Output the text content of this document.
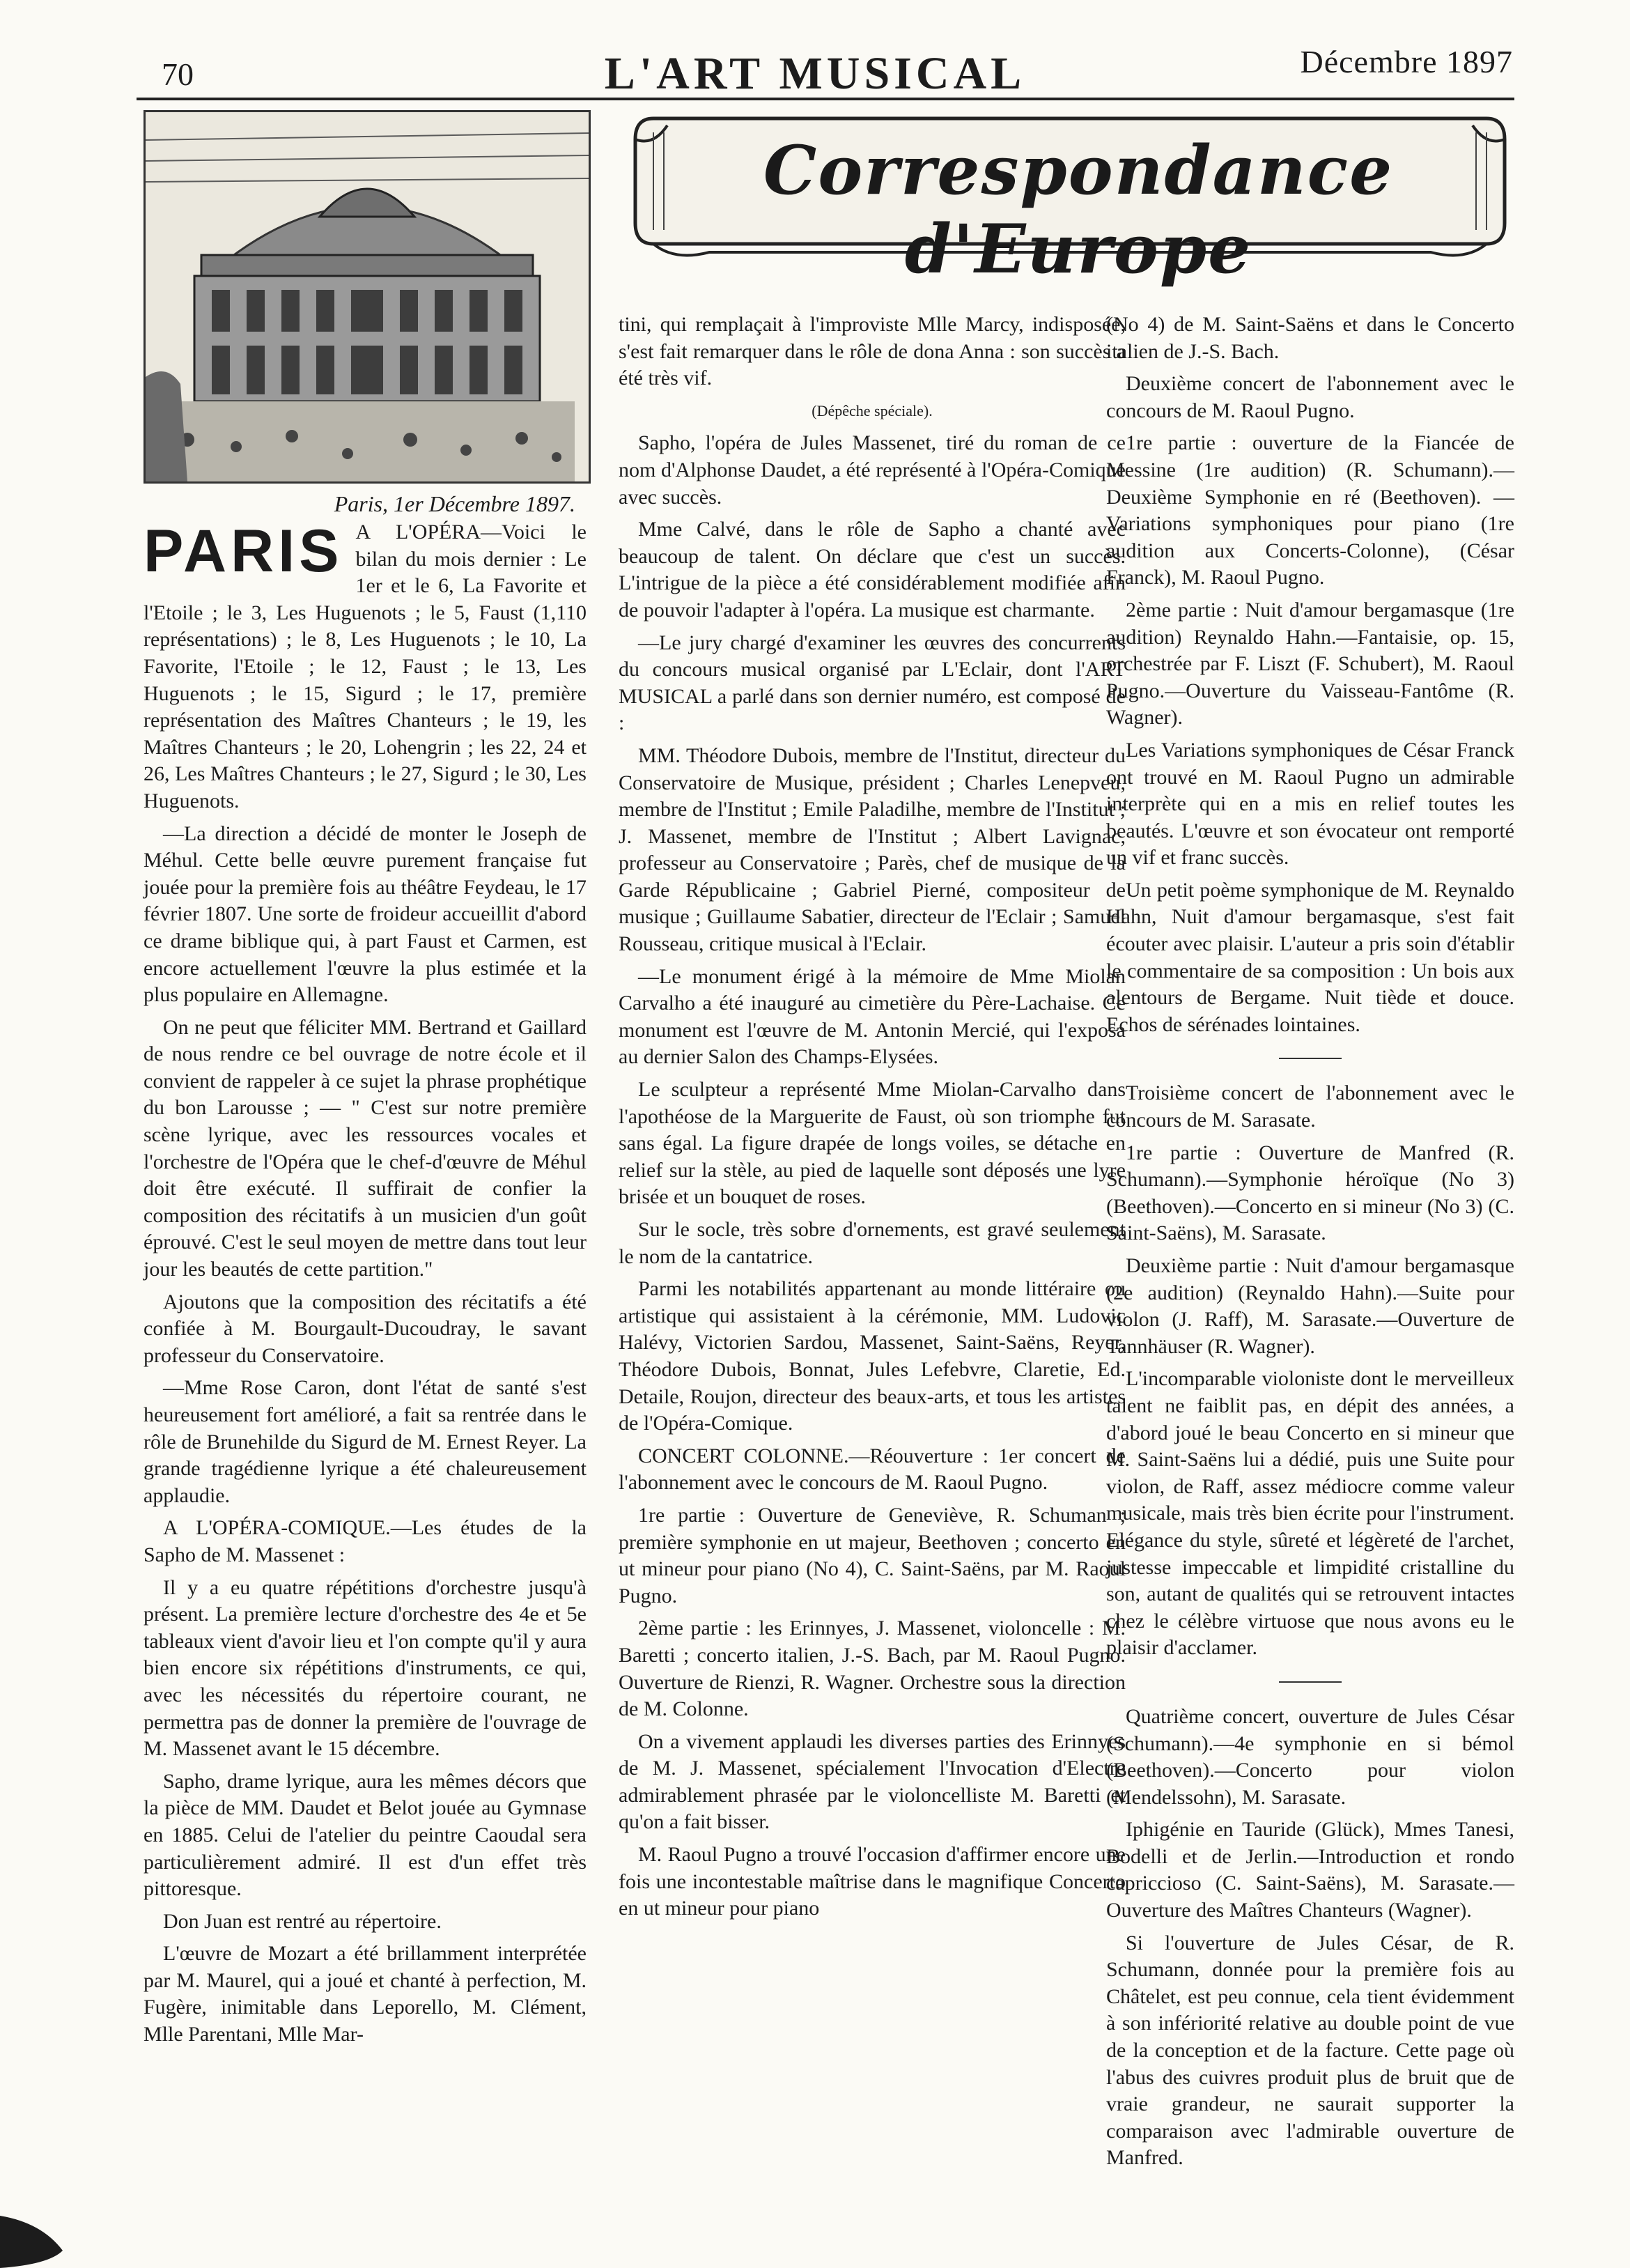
70	L'ART MUSICAL	Décembre 1897
Paris, 1er Décembre 1897.
Correspondance d'Europe
PARIS A L'OPÉRA—Voici le bilan du mois dernier : Le 1er et le 6, La Favorite et l'Etoile ; le 3, Les Huguenots ; le 5, Faust (1,110 représentations) ; le 8, Les Huguenots ; le 10, La Favorite, l'Etoile ; le 12, Faust ; le 13, Les Huguenots ; le 15, Sigurd ; le 17, première représentation des Maîtres Chanteurs ; le 19, les Maîtres Chanteurs ; le 20, Lohengrin ; les 22, 24 et 26, Les Maîtres Chanteurs ; le 27, Sigurd ; le 30, Les Huguenots.

—La direction a décidé de monter le Joseph de Méhul. Cette belle œuvre purement française fut jouée pour la première fois au théâtre Feydeau, le 17 février 1807. Une sorte de froideur accueillit d'abord ce drame biblique qui, à part Faust et Carmen, est encore actuellement l'œuvre la plus estimée et la plus populaire en Allemagne.

On ne peut que féliciter MM. Bertrand et Gaillard de nous rendre ce bel ouvrage de notre école et il convient de rappeler à ce sujet la phrase prophétique du bon Larousse ; — " C'est sur notre première scène lyrique, avec les ressources vocales et l'orchestre de l'Opéra que le chef-d'œuvre de Méhul doit être exécuté. Il suffirait de confier la composition des récitatifs à un musicien d'un goût éprouvé. C'est le seul moyen de mettre dans tout leur jour les beautés de cette partition."

Ajoutons que la composition des récitatifs a été confiée à M. Bourgault-Ducoudray, le savant professeur du Conservatoire.

—Mme Rose Caron, dont l'état de santé s'est heureusement fort amélioré, a fait sa rentrée dans le rôle de Brunehilde du Sigurd de M. Ernest Reyer. La grande tragédienne lyrique a été chaleureusement applaudie.

A L'OPÉRA-COMIQUE.—Les études de la Sapho de M. Massenet :

Il y a eu quatre répétitions d'orchestre jusqu'à présent. La première lecture d'orchestre des 4e et 5e tableaux vient d'avoir lieu et l'on compte qu'il y aura bien encore six répétitions d'instruments, ce qui, avec les nécessités du répertoire courant, ne permettra pas de donner la première de l'ouvrage de M. Massenet avant le 15 décembre.

Sapho, drame lyrique, aura les mêmes décors que la pièce de MM. Daudet et Belot jouée au Gymnase en 1885. Celui de l'atelier du peintre Caoudal sera particulièrement admiré. Il est d'un effet très pittoresque.

Don Juan est rentré au répertoire.

L'œuvre de Mozart a été brillamment interprétée par M. Maurel, qui a joué et chanté à perfection, M. Fugère, inimitable dans Leporello, M. Clément, Mlle Parentani, Mlle Mar-

tini, qui remplaçait à l'improviste Mlle Marcy, indisposée, s'est fait remarquer dans le rôle de dona Anna : son succès a été très vif.

(Dépêche spéciale).

Sapho, l'opéra de Jules Massenet, tiré du roman de ce nom d'Alphonse Daudet, a été représenté à l'Opéra-Comique avec succès.

Mme Calvé, dans le rôle de Sapho a chanté avec beaucoup de talent. On déclare que c'est un succès. L'intrigue de la pièce a été considérablement modifiée afin de pouvoir l'adapter à l'opéra. La musique est charmante.

—Le jury chargé d'examiner les œuvres des concurrents du concours musical organisé par L'Eclair, dont l'ART MUSICAL a parlé dans son dernier numéro, est composé de :

MM. Théodore Dubois, membre de l'Institut, directeur du Conservatoire de Musique, président ; Charles Lenepveu, membre de l'Institut ; Emile Paladilhe, membre de l'Institut ; J. Massenet, membre de l'Institut ; Albert Lavignac, professeur au Conservatoire ; Parès, chef de musique de la Garde Républicaine ; Gabriel Pierné, compositeur de musique ; Guillaume Sabatier, directeur de l'Eclair ; Samuel Rousseau, critique musical à l'Eclair.

—Le monument érigé à la mémoire de Mme Miolan Carvalho a été inauguré au cimetière du Père-Lachaise. Ce monument est l'œuvre de M. Antonin Mercié, qui l'exposa au dernier Salon des Champs-Elysées.

Le sculpteur a représenté Mme Miolan-Carvalho dans l'apothéose de la Marguerite de Faust, où son triomphe fut sans égal. La figure drapée de longs voiles, se détache en relief sur la stèle, au pied de laquelle sont déposés une lyre brisée et un bouquet de roses.

Sur le socle, très sobre d'ornements, est gravé seulement le nom de la cantatrice.

Parmi les notabilités appartenant au monde littéraire ou artistique qui assistaient à la cérémonie, MM. Ludovic Halévy, Victorien Sardou, Massenet, Saint-Saëns, Reyer, Théodore Dubois, Bonnat, Jules Lefebvre, Claretie, Ed. Detaile, Roujon, directeur des beaux-arts, et tous les artistes de l'Opéra-Comique.

CONCERT COLONNE.—Réouverture : 1er concert de l'abonnement avec le concours de M. Raoul Pugno.

1re partie : Ouverture de Geneviève, R. Schuman ; première symphonie en ut majeur, Beethoven ; concerto en ut mineur pour piano (No 4), C. Saint-Saëns, par M. Raoul Pugno.

2ème partie : les Erinnyes, J. Massenet, violoncelle : M. Baretti ; concerto italien, J.-S. Bach, par M. Raoul Pugno. Ouverture de Rienzi, R. Wagner. Orchestre sous la direction de M. Colonne.

On a vivement applaudi les diverses parties des Erinnyes de M. J. Massenet, spécialement l'Invocation d'Electre admirablement phrasée par le violoncelliste M. Baretti et qu'on a fait bisser.

M. Raoul Pugno a trouvé l'occasion d'affirmer encore une fois une incontestable maîtrise dans le magnifique Concerto en ut mineur pour piano

(No 4) de M. Saint-Saëns et dans le Concerto italien de J.-S. Bach.

Deuxième concert de l'abonnement avec le concours de M. Raoul Pugno.

1re partie : ouverture de la Fiancée de Messine (1re audition) (R. Schumann).—Deuxième Symphonie en ré (Beethoven). — Variations symphoniques pour piano (1re audition aux Concerts-Colonne), (César Franck), M. Raoul Pugno.

2ème partie : Nuit d'amour bergamasque (1re audition) Reynaldo Hahn.—Fantaisie, op. 15, orchestrée par F. Liszt (F. Schubert), M. Raoul Pugno.—Ouverture du Vaisseau-Fantôme (R. Wagner).

Les Variations symphoniques de César Franck ont trouvé en M. Raoul Pugno un admirable interprète qui en a mis en relief toutes les beautés. L'œuvre et son évocateur ont remporté un vif et franc succès.

Un petit poème symphonique de M. Reynaldo Hahn, Nuit d'amour bergamasque, s'est fait écouter avec plaisir. L'auteur a pris soin d'établir le commentaire de sa composition : Un bois aux alentours de Bergame. Nuit tiède et douce. Echos de sérénades lointaines.

Troisième concert de l'abonnement avec le concours de M. Sarasate.

1re partie : Ouverture de Manfred (R. Schumann).—Symphonie héroïque (No 3) (Beethoven).—Concerto en si mineur (No 3) (C. Saint-Saëns), M. Sarasate.

Deuxième partie : Nuit d'amour bergamasque (2e audition) (Reynaldo Hahn).—Suite pour violon (J. Raff), M. Sarasate.—Ouverture de Tannhäuser (R. Wagner).

L'incomparable violoniste dont le merveilleux talent ne faiblit pas, en dépit des années, a d'abord joué le beau Concerto en si mineur que M. Saint-Saëns lui a dédié, puis une Suite pour violon, de Raff, assez médiocre comme valeur musicale, mais très bien écrite pour l'instrument. Elégance du style, sûreté et légèreté de l'archet, justesse impeccable et limpidité cristalline du son, autant de qualités qui se retrouvent intactes chez le célèbre virtuose que nous avons eu le plaisir d'acclamer.

Quatrième concert, ouverture de Jules César (Schumann).—4e symphonie en si bémol (Beethoven).—Concerto pour violon (Mendelssohn), M. Sarasate.

Iphigénie en Tauride (Glück), Mmes Tanesi, Bodelli et de Jerlin.—Introduction et rondo capriccioso (C. Saint-Saëns), M. Sarasate.—Ouverture des Maîtres Chanteurs (Wagner).

Si l'ouverture de Jules César, de R. Schumann, donnée pour la première fois au Châtelet, est peu connue, cela tient évidemment à son infériorité relative au double point de vue de la conception et de la facture. Cette page où l'abus des cuivres produit plus de bruit que de vraie grandeur, ne saurait supporter la comparaison avec l'admirable ouverture de Manfred.
